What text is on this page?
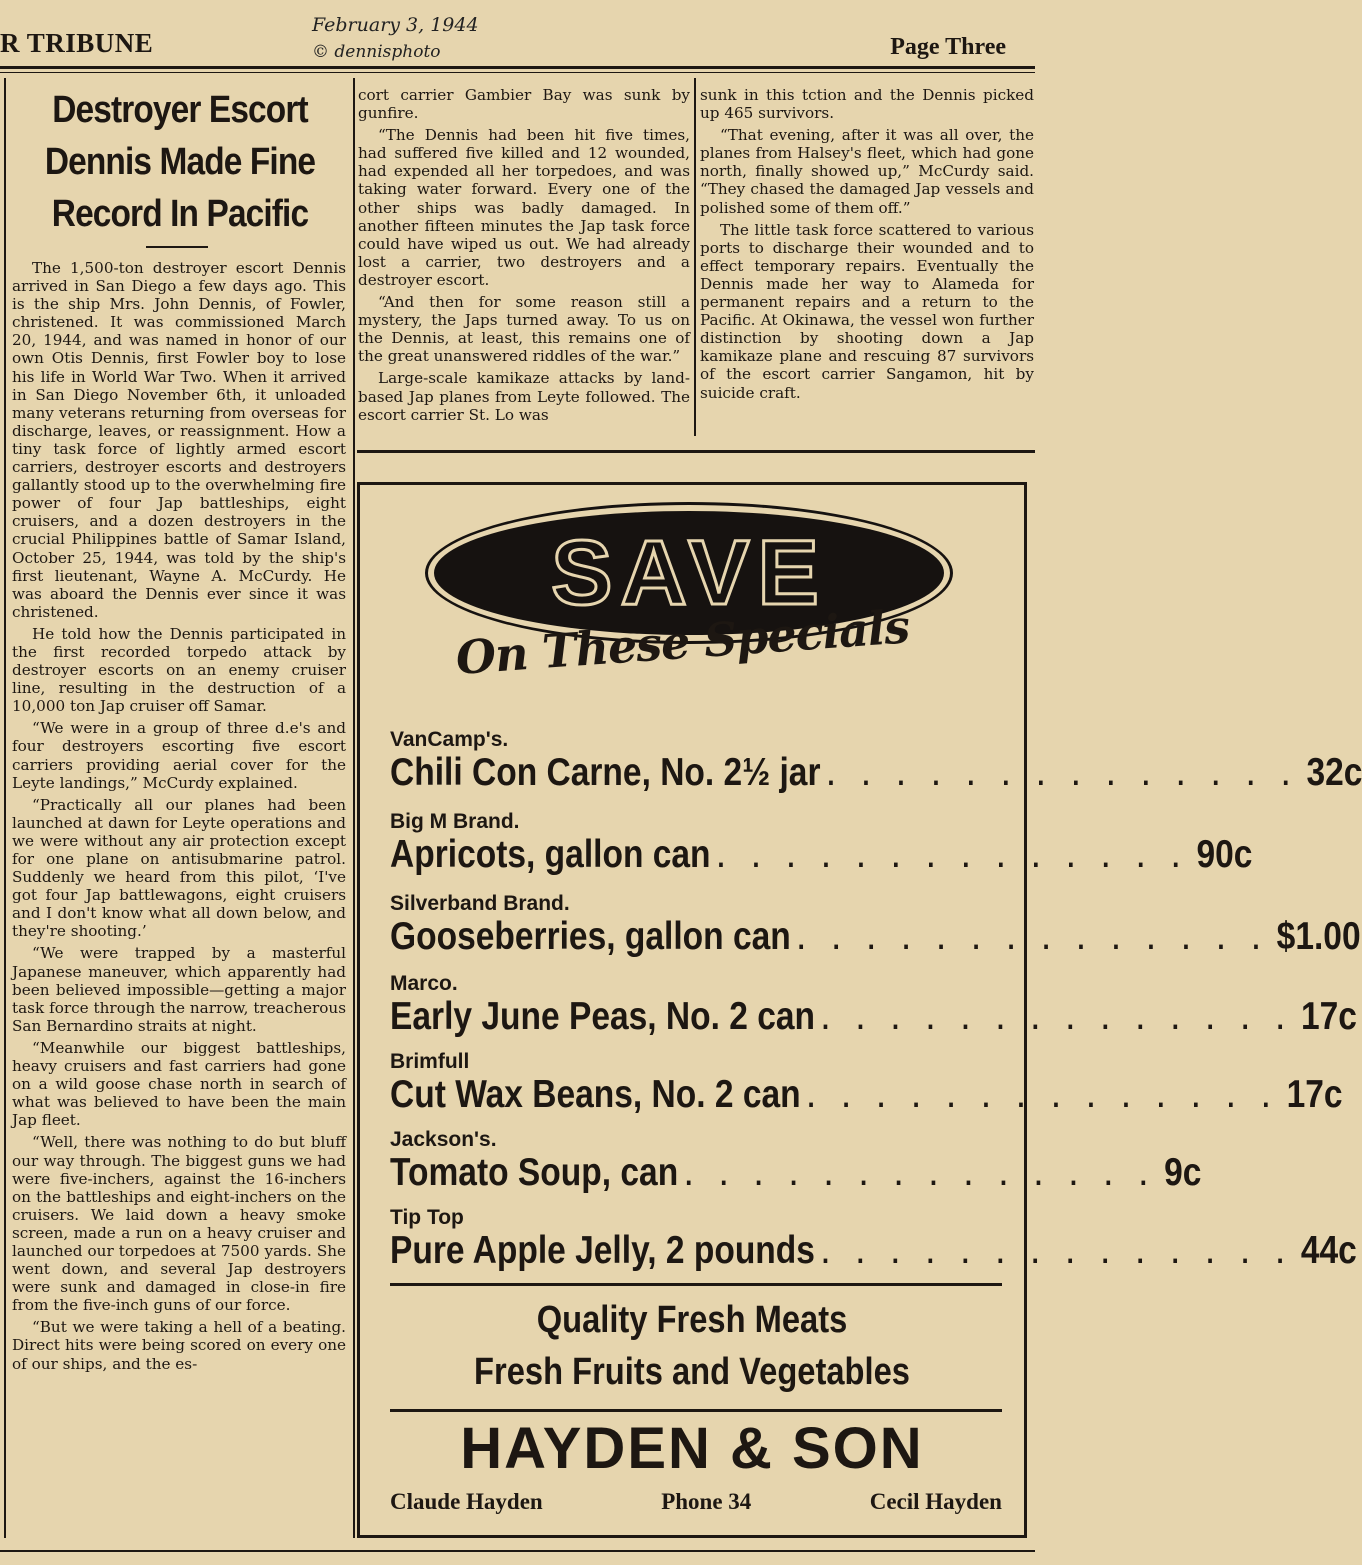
R TRIBUNE
February 3, 1944
© dennisphoto	Page Three
Destroyer Escort
Dennis Made Fine
Record In Pacific

The 1,500-ton destroyer escort Dennis arrived in San Diego a few days ago. This is the ship Mrs. John Dennis, of Fowler, christened. It was commissioned March 20, 1944, and was named in honor of our own Otis Dennis, first Fowler boy to lose his life in World War Two. When it arrived in San Diego November 6th, it unloaded many veterans returning from overseas for discharge, leaves, or reassignment. How a tiny task force of lightly armed escort carriers, destroyer escorts and destroyers gallantly stood up to the overwhelming fire power of four Jap battleships, eight cruisers, and a dozen destroyers in the crucial Philippines battle of Samar Island, October 25, 1944, was told by the ship's first lieutenant, Wayne A. McCurdy. He was aboard the Dennis ever since it was christened.

He told how the Dennis participated in the first recorded torpedo attack by destroyer escorts on an enemy cruiser line, resulting in the destruction of a 10,000 ton Jap cruiser off Samar.

“We were in a group of three d.e's and four destroyers escorting five escort carriers providing aerial cover for the Leyte landings,” McCurdy explained.

“Practically all our planes had been launched at dawn for Leyte operations and we were without any air protection except for one plane on antisubmarine patrol. Suddenly we heard from this pilot, ‘I've got four Jap battlewagons, eight cruisers and I don't know what all down below, and they're shooting.’

“We were trapped by a masterful Japanese maneuver, which apparently had been believed impossible—getting a major task force through the narrow, treacherous San Bernardino straits at night.

“Meanwhile our biggest battleships, heavy cruisers and fast carriers had gone on a wild goose chase north in search of what was believed to have been the main Jap fleet.

“Well, there was nothing to do but bluff our way through. The biggest guns we had were five-inchers, against the 16-inchers on the battleships and eight-inchers on the cruisers. We laid down a heavy smoke screen, made a run on a heavy cruiser and launched our torpedoes at 7500 yards. She went down, and several Jap destroyers were sunk and damaged in close-in fire from the five-inch guns of our force.

“But we were taking a hell of a beating. Direct hits were being scored on every one of our ships, and the es-

cort carrier Gambier Bay was sunk by gunfire.

“The Dennis had been hit five times, had suffered five killed and 12 wounded, had expended all her torpedoes, and was taking water forward. Every one of the other ships was badly damaged. In another fifteen minutes the Jap task force could have wiped us out. We had already lost a carrier, two destroyers and a destroyer escort.

“And then for some reason still a mystery, the Japs turned away. To us on the Dennis, at least, this remains one of the great unanswered riddles of the war.”

Large-scale kamikaze attacks by land-based Jap planes from Leyte followed. The escort carrier St. Lo was

sunk in this tction and the Dennis picked up 465 survivors.

“That evening, after it was all over, the planes from Halsey's fleet, which had gone north, finally showed up,” McCurdy said. “They chased the damaged Jap vessels and polished some of them off.”

The little task force scattered to various ports to discharge their wounded and to effect temporary repairs. Eventually the Dennis made her way to Alameda for permanent repairs and a return to the Pacific. At Okinawa, the vessel won further distinction by shooting down a Jap kamikaze plane and rescuing 87 survivors of the escort carrier Sangamon, hit by suicide craft.

SAVE
On These Specials
VanCamp's.
Chili Con Carne, No. 2½ jar . . . . . . . . . . . . . . 32c
Big M Brand.
Apricots, gallon can . . . . . . . . . . . . . . 90c
Silverband Brand.
Gooseberries, gallon can . . . . . . . . . . . . . . $1.00
Marco.
Early June Peas, No. 2 can . . . . . . . . . . . . . . 17c
Brimfull
Cut Wax Beans, No. 2 can . . . . . . . . . . . . . . 17c
Jackson's.
Tomato Soup, can . . . . . . . . . . . . . . 9c
Tip Top
Pure Apple Jelly, 2 pounds . . . . . . . . . . . . . . 44c
Quality Fresh Meats
Fresh Fruits and Vegetables
HAYDEN & SON
Claude Hayden	Phone 34	Cecil Hayden
